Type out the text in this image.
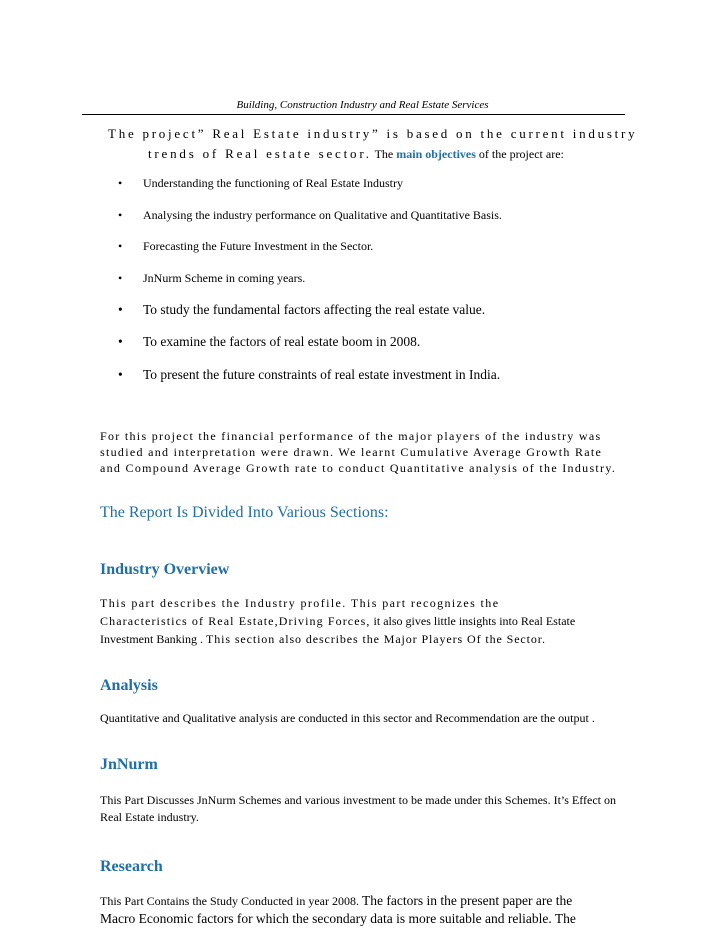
Building, Construction Industry and Real Estate Services
The project” Real Estate industry” is based on the current industry
trends of Real estate sector. The main objectives of the project are:
• Understanding the functioning of Real Estate Industry
• Analysing the industry performance on Qualitative and Quantitative Basis.
• Forecasting the Future Investment in the Sector.
• JnNurm Scheme in coming years.
• To study the fundamental factors affecting the real estate value.
• To examine the factors of real estate boom in 2008.
• To present the future constraints of real estate investment in India.
For this project the financial performance of the major players of the industry was studied and interpretation were drawn. We learnt Cumulative Average Growth Rate and Compound Average Growth rate to conduct Quantitative analysis of the Industry.
The Report Is Divided Into Various Sections:
Industry Overview
This part describes the Industry profile. This part recognizes the
Characteristics of Real Estate,Driving Forces, it also gives little insights into Real Estate
Investment Banking . This section also describes the Major Players Of the Sector.
Analysis
Quantitative and Qualitative analysis are conducted in this sector and Recommendation are the output .
JnNurm
This Part Discusses JnNurm Schemes and various investment to be made under this Schemes. It’s Effect on Real Estate industry.
Research
This Part Contains the Study Conducted in year 2008. The factors in the present paper are the
Macro Economic factors for which the secondary data is more suitable and reliable. The
